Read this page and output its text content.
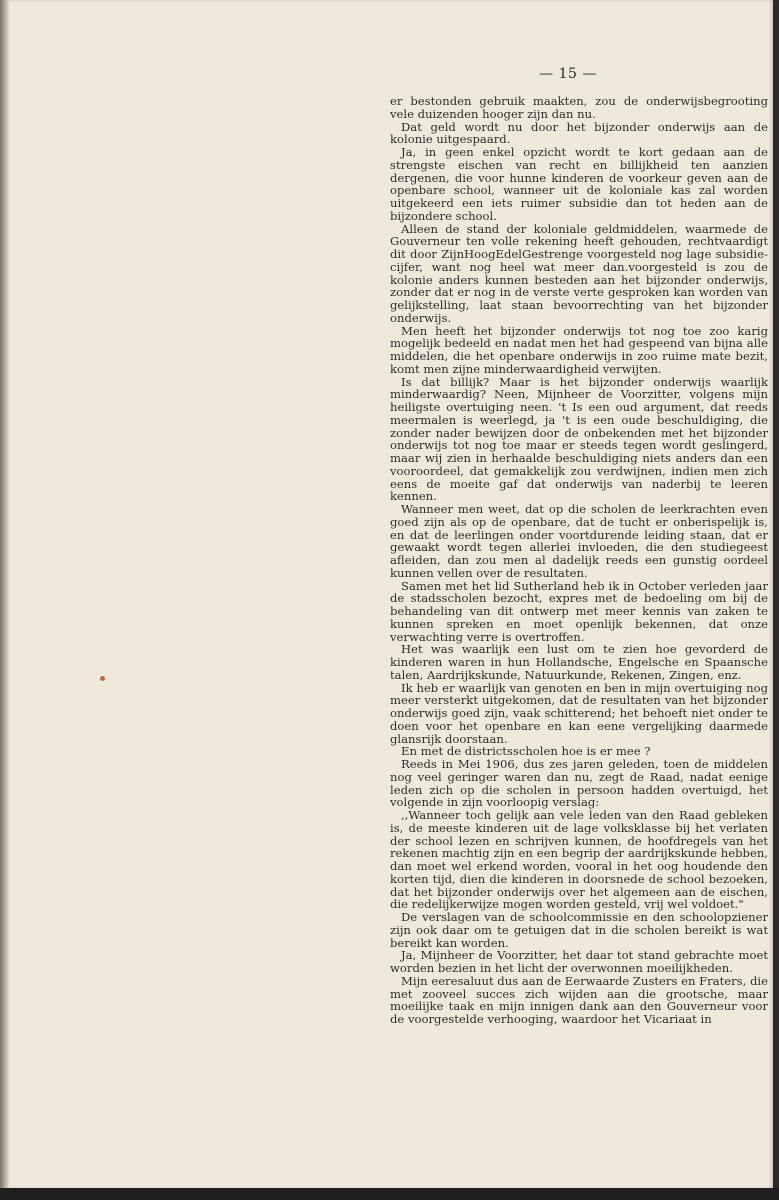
— 15 —

er bestonden gebruik maakten, zou de onderwijsbegrooting vele duizenden hooger zijn dan nu.

Dat geld wordt nu door het bijzonder onderwijs aan de kolonie uitgespaard.

Ja, in geen enkel opzicht wordt te kort gedaan aan de strengste eischen van recht en billijkheid ten aanzien dergenen, die voor hunne kinderen de voorkeur geven aan de openbare school, wanneer uit de koloniale kas zal worden uitgekeerd een iets ruimer subsidie dan tot heden aan de bijzondere school.

Alleen de stand der koloniale geldmiddelen, waarmede de Gouverneur ten volle rekening heeft gehouden, rechtvaardigt dit door ZijnHoogEdelGestrenge voorgesteld nog lage subsidie-cijfer, want nog heel wat meer dan.voorgesteld is zou de kolonie anders kunnen besteden aan het bijzonder onderwijs, zonder dat er nog in de verste verte gesproken kan worden van gelijkstelling, laat staan bevoorrechting van het bijzonder onderwijs.

Men heeft het bijzonder onderwijs tot nog toe zoo karig mogelijk bedeeld en nadat men het had gespeend van bijna alle middelen, die het openbare onderwijs in zoo ruime mate bezit, komt men zijne minderwaardigheid verwijten.

Is dat billijk? Maar is het bijzonder onderwijs waarlijk minderwaardig? Neen, Mijnheer de Voorzitter, volgens mijn heiligste overtuiging neen. 't Is een oud argument, dat reeds meermalen is weerlegd, ja 't is een oude beschuldiging, die zonder nader bewijzen door de onbekenden met het bijzonder onderwijs tot nog toe maar er steeds tegen wordt geslingerd, maar wij zien in herhaalde beschuldiging niets anders dan een vooroordeel, dat gemakkelijk zou verdwijnen, indien men zich eens de moeite gaf dat onderwijs van naderbij te leeren kennen.

Wanneer men weet, dat op die scholen de leerkrachten even goed zijn als op de openbare, dat de tucht er onberispelijk is, en dat de leerlingen onder voortdurende leiding staan, dat er gewaakt wordt tegen allerlei invloeden, die den studiegeest afleiden, dan zou men al dadelijk reeds een gunstig oordeel kunnen vellen over de resultaten.

Samen met het lid Sutherland heb ik in October verleden jaar de stadsscholen bezocht, expres met de bedoeling om bij de behandeling van dit ontwerp met meer kennis van zaken te kunnen spreken en moet openlijk bekennen, dat onze verwachting verre is overtroffen.

Het was waarlijk een lust om te zien hoe gevorderd de kinderen waren in hun Hollandsche, Engelsche en Spaansche talen, Aardrijkskunde, Natuurkunde, Rekenen, Zingen, enz.

Ik heb er waarlijk van genoten en ben in mijn overtuiging nog meer versterkt uitgekomen, dat de resultaten van het bijzonder onderwijs goed zijn, vaak schitterend; het behoeft niet onder te doen voor het openbare en kan eene vergelijking daarmede glansrijk doorstaan.

En met de districtsscholen hoe is er mee ?

Reeds in Mei 1906, dus zes jaren geleden, toen de middelen nog veel geringer waren dan nu, zegt de Raad, nadat eenige leden zich op die scholen in persoon hadden overtuigd, het volgende in zijn voorloopig verslag:

,,Wanneer toch gelijk aan vele leden van den Raad gebleken is, de meeste kinderen uit de lage volksklasse bij het verlaten der school lezen en schrijven kunnen, de hoofdregels van het rekenen machtig zijn en een begrip der aardrijkskunde hebben, dan moet wel erkend worden, vooral in het oog houdende den korten tijd, dien die kinderen in doorsnede de school bezoeken, dat het bijzonder onderwijs over het algemeen aan de eischen, die redelijkerwijze mogen worden gesteld, vrij wel voldoet."

De verslagen van de schoolcommissie en den schoolopziener zijn ook daar om te getuigen dat in die scholen bereikt is wat bereikt kan worden.

Ja, Mijnheer de Voorzitter, het daar tot stand gebrachte moet worden bezien in het licht der overwonnen moeilijkheden.

Mijn eeresaluut dus aan de Eerwaarde Zusters en Fraters, die met zooveel succes zich wijden aan die grootsche, maar moeilijke taak en mijn innigen dank aan den Gouverneur voor de voorgestelde verhooging, waardoor het Vicariaat in
